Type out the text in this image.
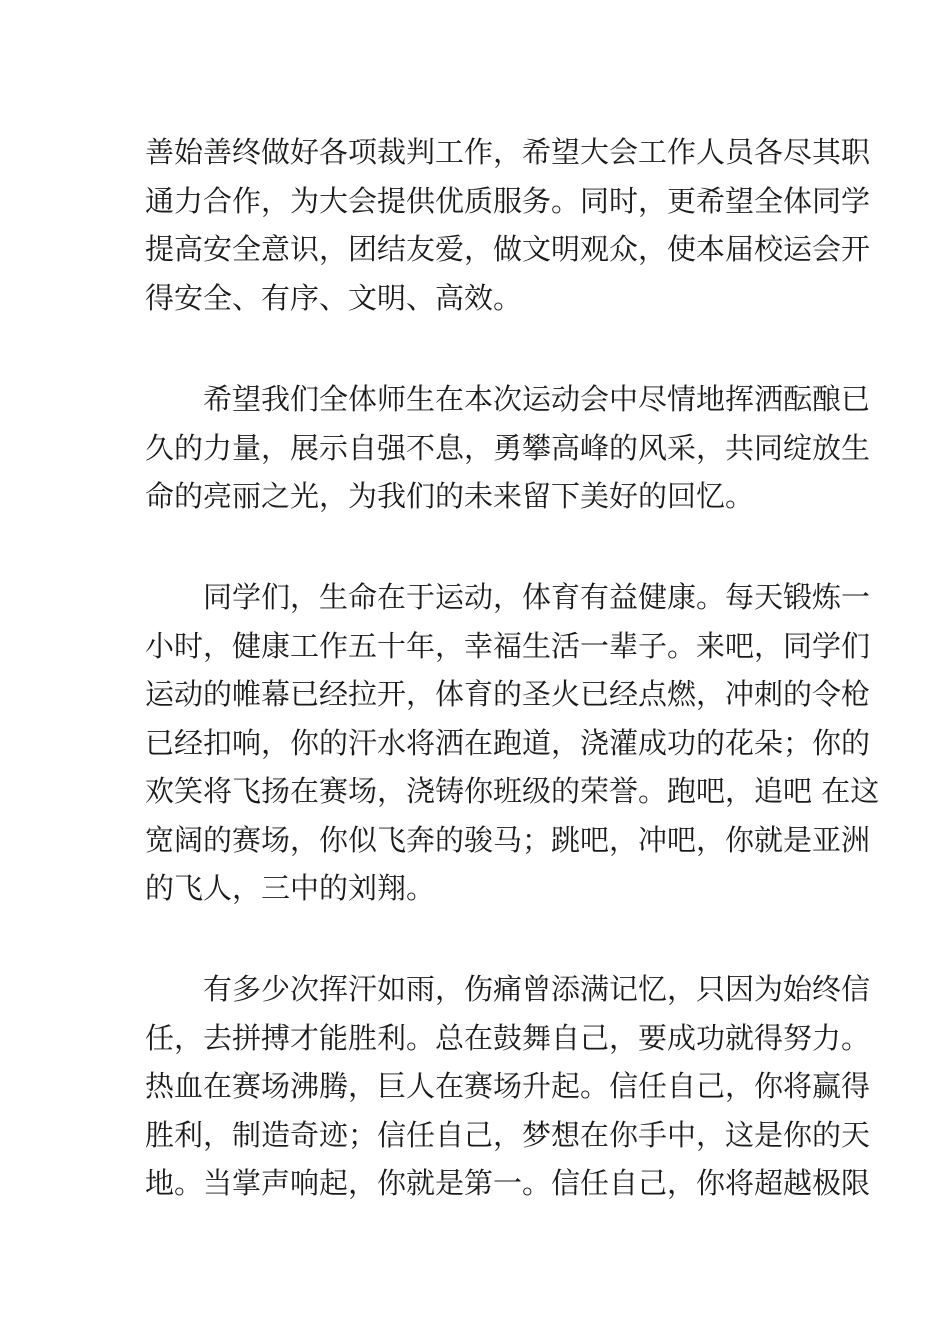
善始善终做好各项裁判工作，希望大会工作人员各尽其职
通力合作，为大会提供优质服务。同时，更希望全体同学
提高安全意识，团结友爱，做文明观众，使本届校运会开
得安全、有序、文明、高效。
　　希望我们全体师生在本次运动会中尽情地挥洒酝酿已
久的力量，展示自强不息，勇攀高峰的风采，共同绽放生
命的亮丽之光，为我们的未来留下美好的回忆。
　　同学们，生命在于运动，体育有益健康。每天锻炼一
小时，健康工作五十年，幸福生活一辈子。来吧，同学们
运动的帷幕已经拉开，体育的圣火已经点燃，冲刺的令枪
已经扣响，你的汗水将洒在跑道，浇灌成功的花朵；你的
欢笑将飞扬在赛场，浇铸你班级的荣誉。跑吧，追吧 在这
宽阔的赛场，你似飞奔的骏马；跳吧，冲吧，你就是亚洲
的飞人，三中的刘翔。
　　有多少次挥汗如雨，伤痛曾添满记忆，只因为始终信
任，去拼搏才能胜利。总在鼓舞自己，要成功就得努力。
热血在赛场沸腾，巨人在赛场升起。信任自己，你将赢得
胜利，制造奇迹；信任自己，梦想在你手中，这是你的天
地。当掌声响起，你就是第一。信任自己，你将超越极限
